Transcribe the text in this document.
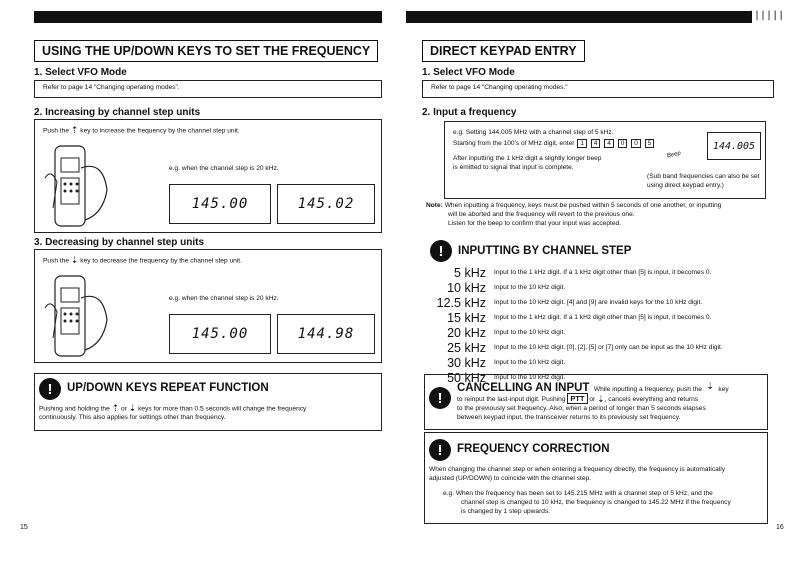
USING THE UP/DOWN KEYS TO SET THE FREQUENCY
1. Select VFO Mode
Refer to page 14 "Changing operating modes".
2. Increasing by channel step units
Push the ⇡ key to increase the frequency by the channel step unit.
e.g. when the channel step is 20 kHz.
145.00	145.02
3. Decreasing by channel step units
Push the ⇣ key to decrease the frequency by the channel step unit.
e.g. when the channel step is 20 kHz.
145.00	144.98
!	UP/DOWN KEYS REPEAT FUNCTION
Pushing and holding the ⇡ or ⇣ keys for more than 0.5 seconds will change the frequency
continuously. This also applies for settings other than frequency.
15
||||||
DIRECT KEYPAD ENTRY
1. Select VFO Mode
Refer to page 14 "Changing operating modes."
2. Input a frequency
e.g. Setting 144.005 MHz with a channel step of 5 kHz.
Starting from the 100's of MHz digit, enter 1 4 4 0 0 5
After inputting the 1 kHz digit a slightly longer beep
is emitted to signal that input is complete.
Beep
144.005
(Sub band frequencies can also be set
using direct keypad entry.)
Note: When inputting a frequency, keys must be pushed within 5 seconds of one another, or inputting
will be aborted and the frequency will revert to the previous one.
Listen for the beep to confirm that your input was accepted.
!	INPUTTING BY CHANNEL STEP
5 kHz Input to the 1 kHz digit. If a 1 kHz digit other than [5] is input, it becomes 0.
10 kHz Input to the 10 kHz digit.
12.5 kHz Input to the 10 kHz digit. [4] and [9] are invalid keys for the 10 kHz digit.
15 kHz Input to the 1 kHz digit. If a 1 kHz digit other than [5] is input, it becomes 0.
20 kHz Input to the 10 kHz digit.
25 kHz Input to the 10 kHz digit. [0], [2], [5] or [7] only can be input as the 10 kHz digit.
30 kHz Input to the 10 kHz digit.
50 kHz Input to the 10 kHz digit.
!
CANCELLING AN INPUT While inputting a frequency, push the ⇣ key
to reinput the last-input digit. Pushing PTT or ⇣, cancels everything and returns
to the previously set frequency. Also, when a period of longer than 5 seconds elapses
between keypad input, the transceiver returns to its previously set frequency.
!	FREQUENCY CORRECTION
When changing the channel step or when entering a frequency directly, the frequency is automatically
adjusted (UP/DOWN) to coincide with the channel step.
e.g. When the frequency has been set to 145.215 MHz with a channel step of 5 kHz, and the
channel step is changed to 10 kHz, the frequency is changed to 145.22 MHz if the frequency
is changed by 1 step upwards.
16
